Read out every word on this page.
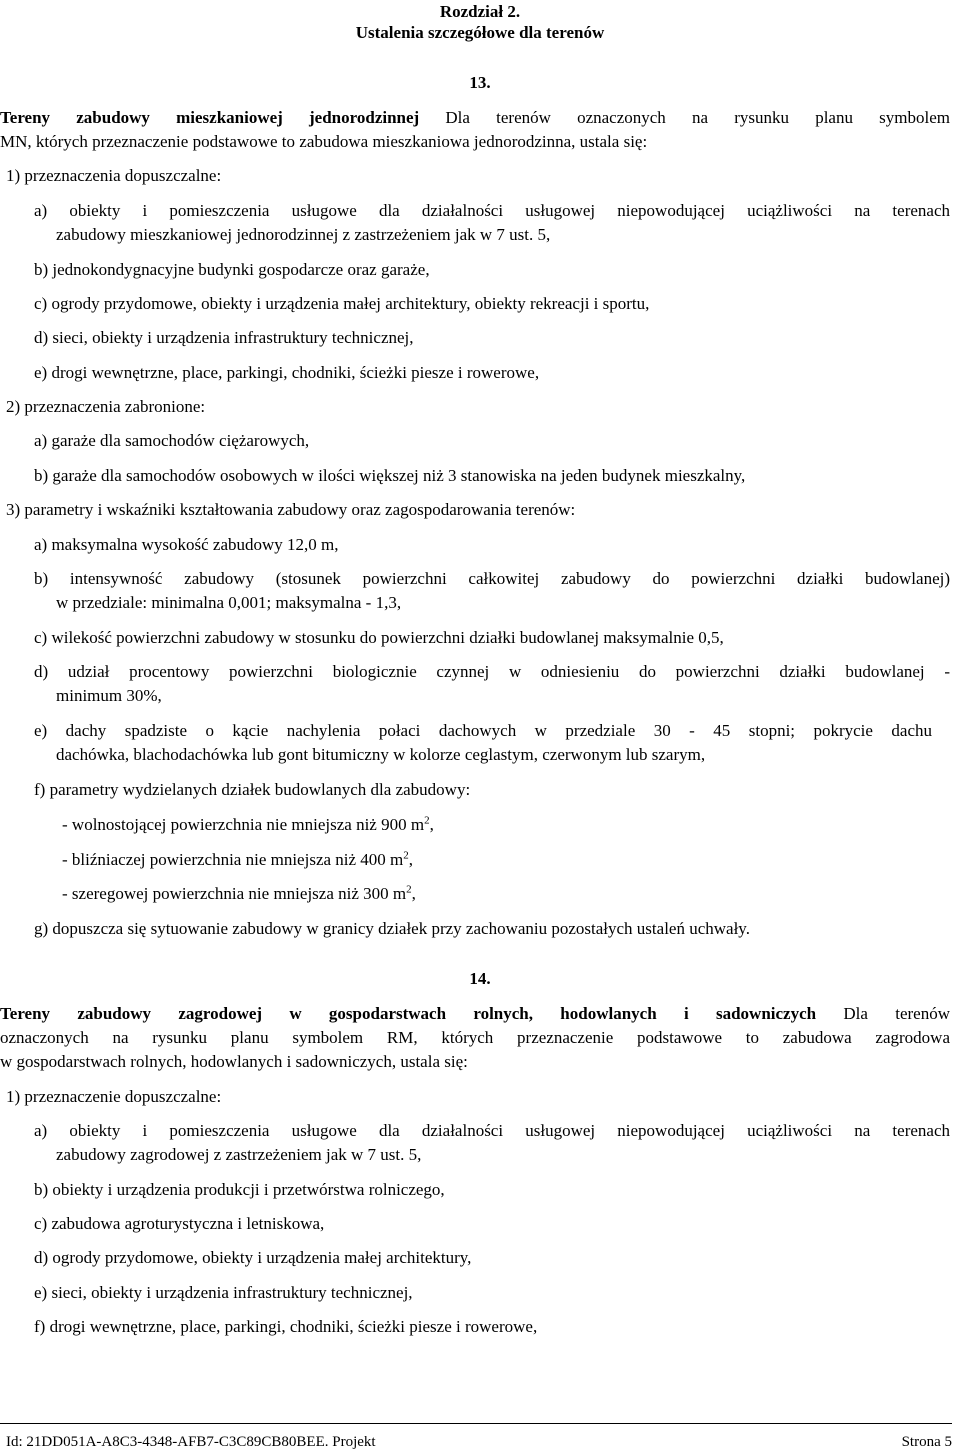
Rozdział 2.
Ustalenia szczegółowe dla terenów
13.
Tereny zabudowy mieszkaniowej jednorodzinnej Dla terenów oznaczonych na rysunku planu symbolem
MN, których przeznaczenie podstawowe to zabudowa mieszkaniowa jednorodzinna, ustala się:
1) przeznaczenia dopuszczalne:
a) obiekty i pomieszczenia usługowe dla działalności usługowej niepowodującej uciążliwości na terenach
zabudowy mieszkaniowej jednorodzinnej z zastrzeżeniem jak w 7 ust. 5,
b) jednokondygnacyjne budynki gospodarcze oraz garaże,
c) ogrody przydomowe, obiekty i urządzenia małej architektury, obiekty rekreacji i sportu,
d) sieci, obiekty i urządzenia infrastruktury technicznej,
e) drogi wewnętrzne, place, parkingi, chodniki, ścieżki piesze i rowerowe,
2) przeznaczenia zabronione:
a) garaże dla samochodów ciężarowych,
b) garaże dla samochodów osobowych w ilości większej niż 3 stanowiska na jeden budynek mieszkalny,
3) parametry i wskaźniki kształtowania zabudowy oraz zagospodarowania terenów:
a) maksymalna wysokość zabudowy 12,0 m,
b) intensywność zabudowy (stosunek powierzchni całkowitej zabudowy do powierzchni działki budowlanej)
w przedziale: minimalna 0,001; maksymalna - 1,3,
c) wilekość powierzchni zabudowy w stosunku do powierzchni działki budowlanej maksymalnie 0,5,
d) udział procentowy powierzchni biologicznie czynnej w odniesieniu do powierzchni działki budowlanej -
minimum 30%,
e) dachy spadziste o kącie nachylenia połaci dachowych w przedziale 30 - 45 stopni; pokrycie dachu
dachówka, blachodachówka lub gont bitumiczny w kolorze ceglastym, czerwonym lub szarym,
f) parametry wydzielanych działek budowlanych dla zabudowy:
- wolnostojącej powierzchnia nie mniejsza niż 900 $m^2$,
- bliźniaczej powierzchnia nie mniejsza niż 400 $m^2$,
- szeregowej powierzchnia nie mniejsza niż 300 $m^2$,
g) dopuszcza się sytuowanie zabudowy w granicy działek przy zachowaniu pozostałych ustaleń uchwały.
14.
Tereny zabudowy zagrodowej w gospodarstwach rolnych, hodowlanych i sadowniczych Dla terenów
oznaczonych na rysunku planu symbolem RM, których przeznaczenie podstawowe to zabudowa zagrodowa
w gospodarstwach rolnych, hodowlanych i sadowniczych, ustala się:
1) przeznaczenie dopuszczalne:
a) obiekty i pomieszczenia usługowe dla działalności usługowej niepowodującej uciążliwości na terenach
zabudowy zagrodowej z zastrzeżeniem jak w 7 ust. 5,
b) obiekty i urządzenia produkcji i przetwórstwa rolniczego,
c) zabudowa agroturystyczna i letniskowa,
d) ogrody przydomowe, obiekty i urządzenia małej architektury,
e) sieci, obiekty i urządzenia infrastruktury technicznej,
f) drogi wewnętrzne, place, parkingi, chodniki, ścieżki piesze i rowerowe,
Id: 21DD051A-A8C3-4348-AFB7-C3C89CB80BEE. Projekt	Strona 5
